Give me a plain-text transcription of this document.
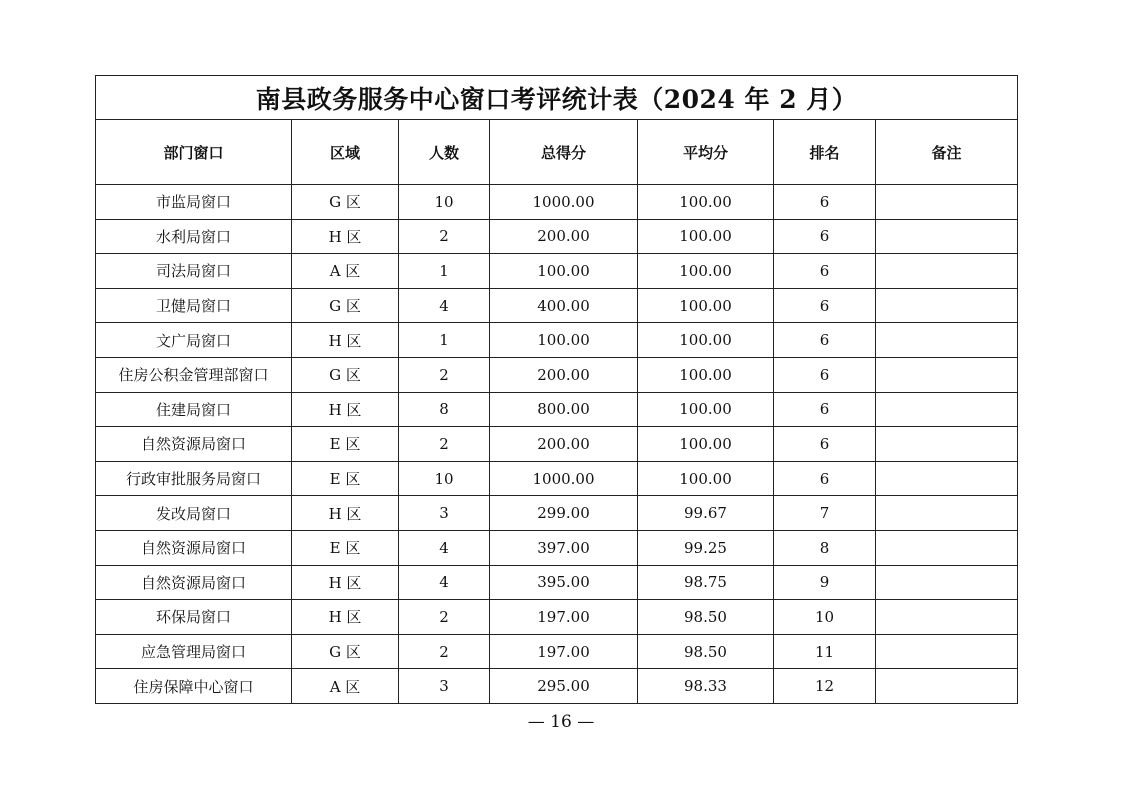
南县政务服务中心窗口考评统计表（2024 年 2 月）						
部门窗口	区域	人数	总得分	平均分	排名	备注
市监局窗口	G 区	10	1000.00	100.00	6	
水利局窗口	H 区	2	200.00	100.00	6	
司法局窗口	A 区	1	100.00	100.00	6	
卫健局窗口	G 区	4	400.00	100.00	6	
文广局窗口	H 区	1	100.00	100.00	6	
住房公积金管理部窗口	G 区	2	200.00	100.00	6	
住建局窗口	H 区	8	800.00	100.00	6	
自然资源局窗口	E 区	2	200.00	100.00	6	
行政审批服务局窗口	E 区	10	1000.00	100.00	6	
发改局窗口	H 区	3	299.00	99.67	7	
自然资源局窗口	E 区	4	397.00	99.25	8	
自然资源局窗口	H 区	4	395.00	98.75	9	
环保局窗口	H 区	2	197.00	98.50	10	
应急管理局窗口	G 区	2	197.00	98.50	11	
住房保障中心窗口	A 区	3	295.00	98.33	12	
— 16 —
